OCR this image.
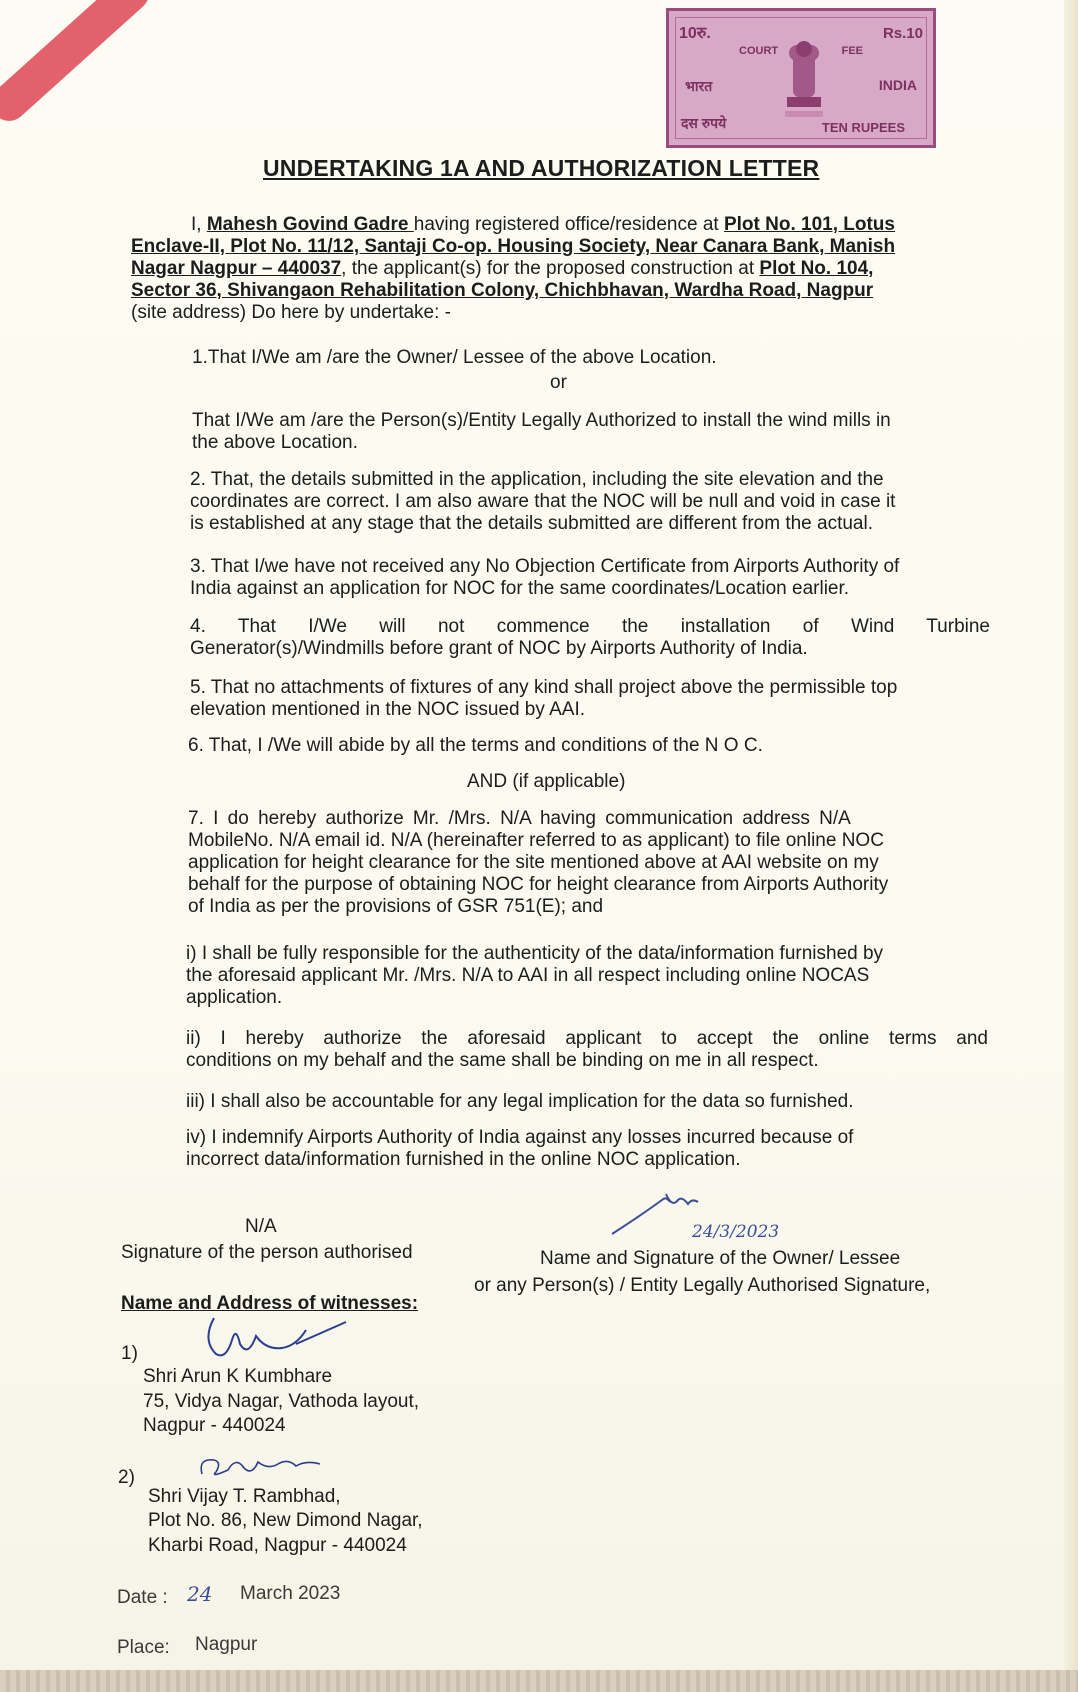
10रु.	Rs.10
COURT	FEE
भारत	INDIA
दस रुपये	TEN RUPEES
UNDERTAKING 1A AND AUTHORIZATION LETTER
I, Mahesh Govind Gadre having registered office/residence at Plot No. 101, Lotus
Enclave-II, Plot No. 11/12, Santaji Co-op. Housing Society, Near Canara Bank, Manish
Nagar Nagpur – 440037, the applicant(s) for the proposed construction at Plot No. 104,
Sector 36, Shivangaon Rehabilitation Colony, Chichbhavan, Wardha Road, Nagpur
(site address) Do here by undertake: -
1.That I/We am /are the Owner/ Lessee of the above Location.
or
That I/We am /are the Person(s)/Entity Legally Authorized to install the wind mills in
the above Location.
2. That, the details submitted in the application, including the site elevation and the
coordinates are correct. I am also aware that the NOC will be null and void in case it
is established at any stage that the details submitted are different from the actual.
3. That I/we have not received any No Objection Certificate from Airports Authority of
India against an application for NOC for the same coordinates/Location earlier.
4. That I/We will not commence the installation of Wind Turbine
Generator(s)/Windmills before grant of NOC by Airports Authority of India.
5. That no attachments of fixtures of any kind shall project above the permissible top
elevation mentioned in the NOC issued by AAI.
6. That, I /We will abide by all the terms and conditions of the N O C.
AND (if applicable)
7. I do hereby authorize Mr. /Mrs. N/A having communication address N/A
MobileNo. N/A email id. N/A (hereinafter referred to as applicant) to file online NOC
application for height clearance for the site mentioned above at AAI website on my
behalf for the purpose of obtaining NOC for height clearance from Airports Authority
of India as per the provisions of GSR 751(E); and
i) I shall be fully responsible for the authenticity of the data/information furnished by
the aforesaid applicant Mr. /Mrs. N/A to AAI in all respect including online NOCAS
application.
ii) I hereby authorize the aforesaid applicant to accept the online terms and
conditions on my behalf and the same shall be binding on me in all respect.
iii) I shall also be accountable for any legal implication for the data so furnished.
iv) I indemnify Airports Authority of India against any losses incurred because of
incorrect data/information furnished in the online NOC application.
N/A
Signature of the person authorised
24/3/2023
Name and Signature of the Owner/ Lessee
or any Person(s) / Entity Legally Authorised Signature,
Name and Address of witnesses:
1)
Shri Arun K Kumbhare
75, Vidya Nagar, Vathoda layout,
Nagpur - 440024
2)
Shri Vijay T. Rambhad,
Plot No. 86, New Dimond Nagar,
Kharbi Road, Nagpur - 440024
Date : 24 March 2023
Place: Nagpur
